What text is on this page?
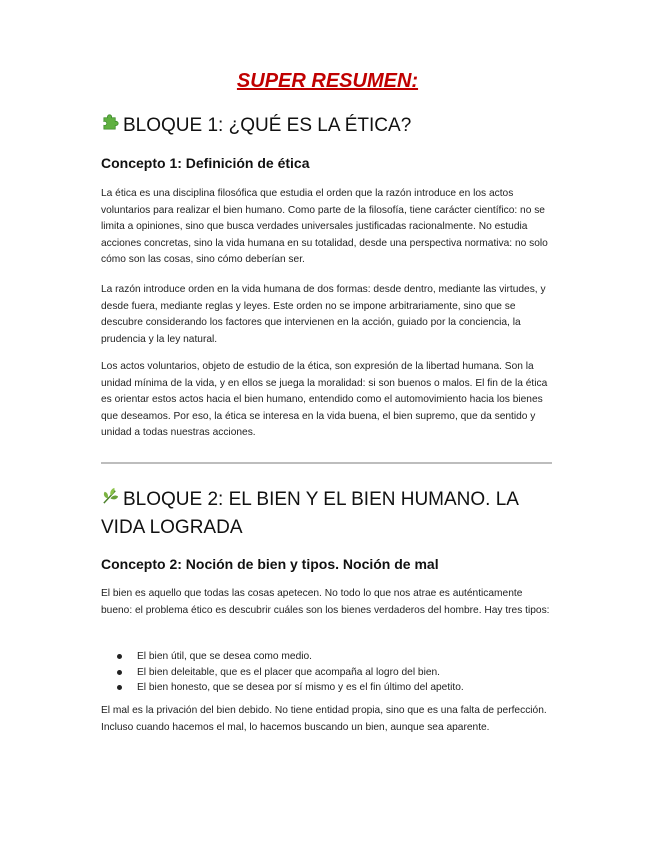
SUPER RESUMEN:
BLOQUE 1: ¿QUÉ ES LA ÉTICA?
Concepto 1: Definición de ética

La ética es una disciplina filosófica que estudia el orden que la razón introduce en los actos voluntarios para realizar el bien humano. Como parte de la filosofía, tiene carácter científico: no se limita a opiniones, sino que busca verdades universales justificadas racionalmente. No estudia acciones concretas, sino la vida humana en su totalidad, desde una perspectiva normativa: no solo cómo son las cosas, sino cómo deberían ser.

La razón introduce orden en la vida humana de dos formas: desde dentro, mediante las virtudes, y desde fuera, mediante reglas y leyes. Este orden no se impone arbitrariamente, sino que se descubre considerando los factores que intervienen en la acción, guiado por la conciencia, la prudencia y la ley natural.

Los actos voluntarios, objeto de estudio de la ética, son expresión de la libertad humana. Son la unidad mínima de la vida, y en ellos se juega la moralidad: si son buenos o malos. El fin de la ética es orientar estos actos hacia el bien humano, entendido como el automovimiento hacia los bienes que deseamos. Por eso, la ética se interesa en la vida buena, el bien supremo, que da sentido y unidad a todas nuestras acciones.

BLOQUE 2: EL BIEN Y EL BIEN HUMANO. LA VIDA LOGRADA
Concepto 2: Noción de bien y tipos. Noción de mal

El bien es aquello que todas las cosas apetecen. No todo lo que nos atrae es auténticamente bueno: el problema ético es descubrir cuáles son los bienes verdaderos del hombre. Hay tres tipos:

El bien útil, que se desea como medio.
El bien deleitable, que es el placer que acompaña al logro del bien.
El bien honesto, que se desea por sí mismo y es el fin último del apetito.

El mal es la privación del bien debido. No tiene entidad propia, sino que es una falta de perfección. Incluso cuando hacemos el mal, lo hacemos buscando un bien, aunque sea aparente.
